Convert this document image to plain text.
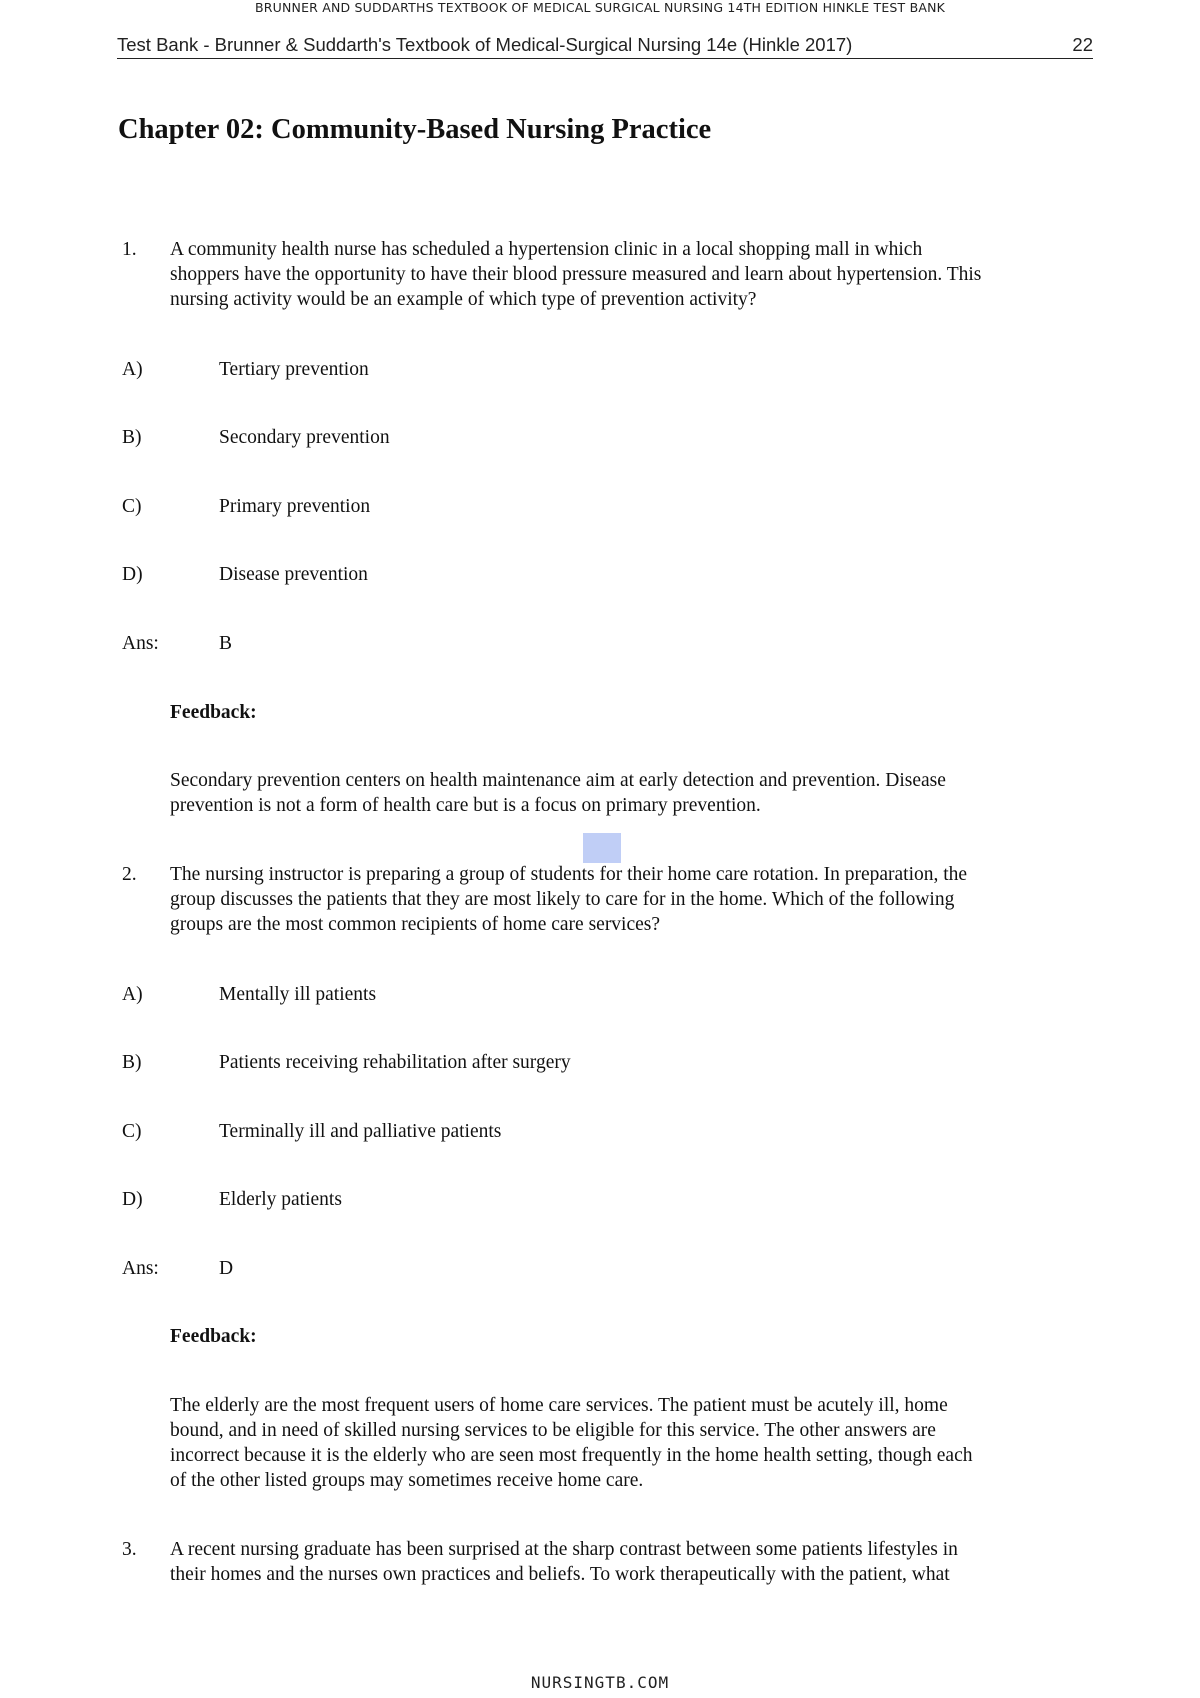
BRUNNER AND SUDDARTHS TEXTBOOK OF MEDICAL SURGICAL NURSING 14TH EDITION HINKLE TEST BANK
Test Bank - Brunner & Suddarth's Textbook of Medical-Surgical Nursing 14e (Hinkle 2017)	22
Chapter 02: Community-Based Nursing Practice
1. A community health nurse has scheduled a hypertension clinic in a local shopping mall in which
shoppers have the opportunity to have their blood pressure measured and learn about hypertension. This
nursing activity would be an example of which type of prevention activity?
A)	Tertiary prevention
B)	Secondary prevention
C)	Primary prevention
D)	Disease prevention
Ans:	B
Feedback:
Secondary prevention centers on health maintenance aim at early detection and prevention. Disease
prevention is not a form of health care but is a focus on primary prevention.
2. The nursing instructor is preparing a group of students for their home care rotation. In preparation, the
group discusses the patients that they are most likely to care for in the home. Which of the following
groups are the most common recipients of home care services?
A)	Mentally ill patients
B)	Patients receiving rehabilitation after surgery
C)	Terminally ill and palliative patients
D)	Elderly patients
Ans:	D
Feedback:
The elderly are the most frequent users of home care services. The patient must be acutely ill, home
bound, and in need of skilled nursing services to be eligible for this service. The other answers are
incorrect because it is the elderly who are seen most frequently in the home health setting, though each
of the other listed groups may sometimes receive home care.
3. A recent nursing graduate has been surprised at the sharp contrast between some patients lifestyles in
their homes and the nurses own practices and beliefs. To work therapeutically with the patient, what
NURSINGTB.COM
